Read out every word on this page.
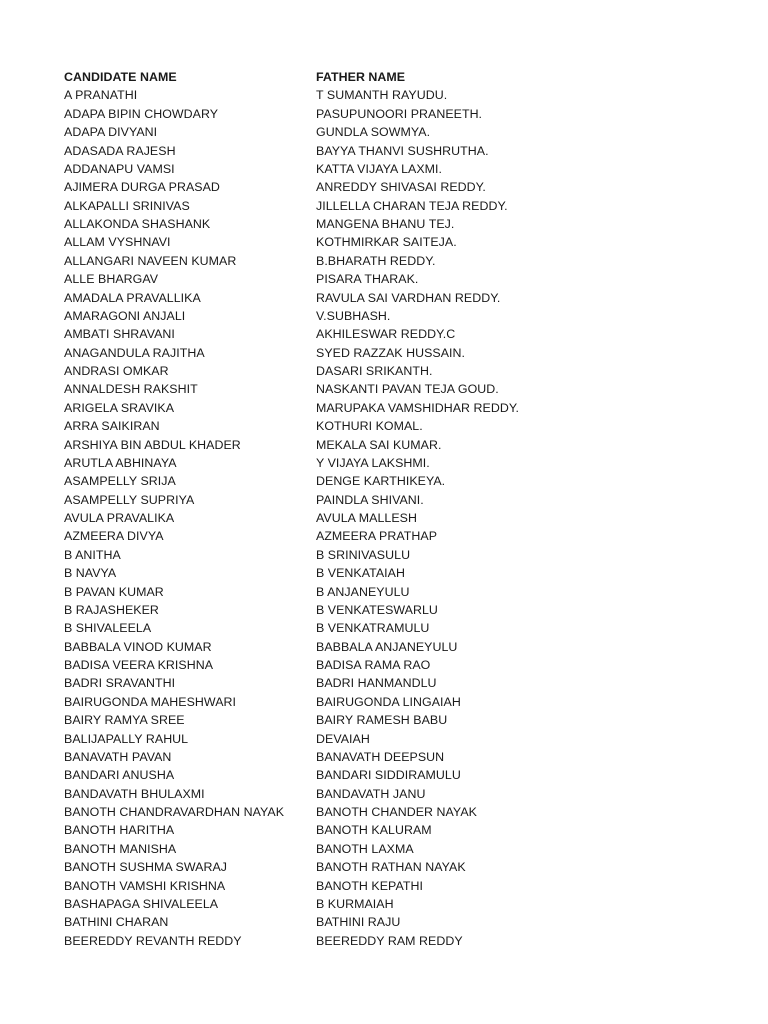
CANDIDATE NAME	FATHER NAME
A PRANATHI	T SUMANTH RAYUDU.
ADAPA BIPIN CHOWDARY	PASUPUNOORI PRANEETH.
ADAPA DIVYANI	GUNDLA SOWMYA.
ADASADA RAJESH	BAYYA THANVI SUSHRUTHA.
ADDANAPU VAMSI	KATTA VIJAYA LAXMI.
AJIMERA DURGA PRASAD	ANREDDY SHIVASAI REDDY.
ALKAPALLI SRINIVAS	JILLELLA CHARAN TEJA REDDY.
ALLAKONDA SHASHANK	MANGENA BHANU TEJ.
ALLAM VYSHNAVI	KOTHMIRKAR SAITEJA.
ALLANGARI NAVEEN KUMAR	B.BHARATH REDDY.
ALLE BHARGAV	PISARA THARAK.
AMADALA PRAVALLIKA	RAVULA SAI VARDHAN REDDY.
AMARAGONI ANJALI	V.SUBHASH.
AMBATI SHRAVANI	AKHILESWAR REDDY.C
ANAGANDULA RAJITHA	SYED RAZZAK HUSSAIN.
ANDRASI OMKAR	DASARI SRIKANTH.
ANNALDESH RAKSHIT	NASKANTI PAVAN TEJA GOUD.
ARIGELA SRAVIKA	MARUPAKA VAMSHIDHAR REDDY.
ARRA SAIKIRAN	KOTHURI KOMAL.
ARSHIYA BIN ABDUL KHADER	MEKALA SAI KUMAR.
ARUTLA ABHINAYA	Y VIJAYA LAKSHMI.
ASAMPELLY SRIJA	DENGE KARTHIKEYA.
ASAMPELLY SUPRIYA	PAINDLA SHIVANI.
AVULA PRAVALIKA	AVULA MALLESH
AZMEERA DIVYA	AZMEERA PRATHAP
B ANITHA	B SRINIVASULU
B NAVYA	B VENKATAIAH
B PAVAN KUMAR	B ANJANEYULU
B RAJASHEKER	B VENKATESWARLU
B SHIVALEELA	B VENKATRAMULU
BABBALA VINOD KUMAR	BABBALA ANJANEYULU
BADISA VEERA KRISHNA	BADISA RAMA RAO
BADRI SRAVANTHI	BADRI HANMANDLU
BAIRUGONDA MAHESHWARI	BAIRUGONDA LINGAIAH
BAIRY RAMYA SREE	BAIRY RAMESH BABU
BALIJAPALLY RAHUL	DEVAIAH
BANAVATH PAVAN	BANAVATH DEEPSUN
BANDARI ANUSHA	BANDARI SIDDIRAMULU
BANDAVATH BHULAXMI	BANDAVATH JANU
BANOTH CHANDRAVARDHAN NAYAK	BANOTH CHANDER NAYAK
BANOTH HARITHA	BANOTH KALURAM
BANOTH MANISHA	BANOTH LAXMA
BANOTH SUSHMA SWARAJ	BANOTH RATHAN NAYAK
BANOTH VAMSHI KRISHNA	BANOTH KEPATHI
BASHAPAGA SHIVALEELA	B KURMAIAH
BATHINI CHARAN	BATHINI RAJU
BEEREDDY REVANTH REDDY	BEEREDDY RAM REDDY
